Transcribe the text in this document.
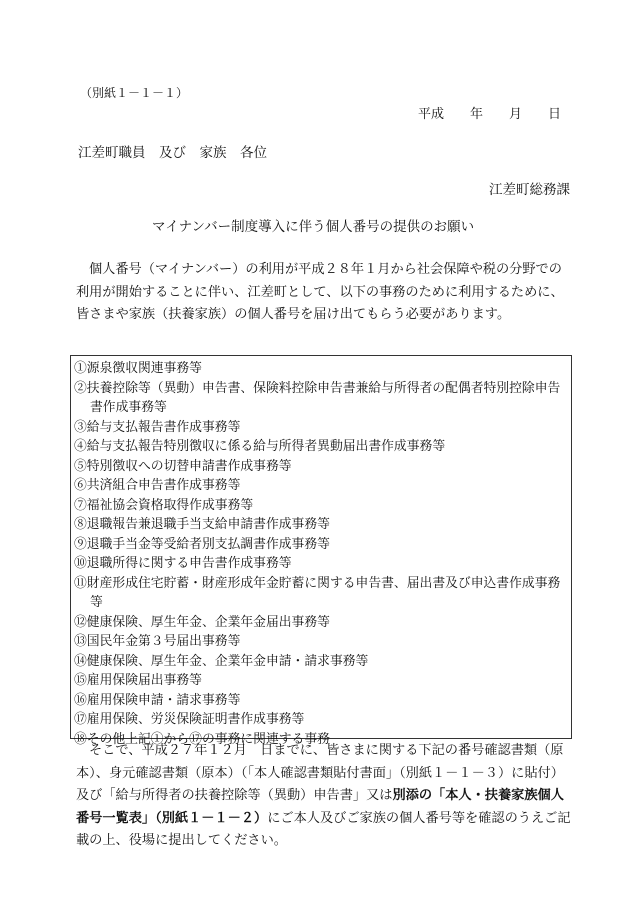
（別紙１－１－１）
平成　　年　　月　　日
江差町職員　及び　家族　各位
江差町総務課
マイナンバー制度導入に伴う個人番号の提供のお願い
個人番号（マイナンバー）の利用が平成２８年１月から社会保障や税の分野での利用が開始することに伴い、江差町として、以下の事務のために利用するために、皆さまや家族（扶養家族）の個人番号を届け出てもらう必要があります。
①源泉徴収関連事務等
②扶養控除等（異動）申告書、保険料控除申告書兼給与所得者の配偶者特別控除申告書作成事務等
③給与支払報告書作成事務等
④給与支払報告特別徴収に係る給与所得者異動届出書作成事務等
⑤特別徴収への切替申請書作成事務等
⑥共済組合申告書作成事務等
⑦福祉協会資格取得作成事務等
⑧退職報告兼退職手当支給申請書作成事務等
⑨退職手当金等受給者別支払調書作成事務等
⑩退職所得に関する申告書作成事務等
⑪財産形成住宅貯蓄・財産形成年金貯蓄に関する申告書、届出書及び申込書作成事務等
⑫健康保険、厚生年金、企業年金届出事務等
⑬国民年金第３号届出事務等
⑭健康保険、厚生年金、企業年金申請・請求事務等
⑮雇用保険届出事務等
⑯雇用保険申請・請求事務等
⑰雇用保険、労災保険証明書作成事務等
⑱その他上記①から⑰の事務に関連する事務
そこで、平成２７年１２月　日までに、皆さまに関する下記の番号確認書類（原本）、身元確認書類（原本）（「本人確認書類貼付書面」（別紙１－１－３）に貼付）及び「給与所得者の扶養控除等（異動）申告書」又は別添の「本人・扶養家族個人番号一覧表」（別紙１－１－２）にご本人及びご家族の個人番号等を確認のうえご記載の上、役場に提出してください。
